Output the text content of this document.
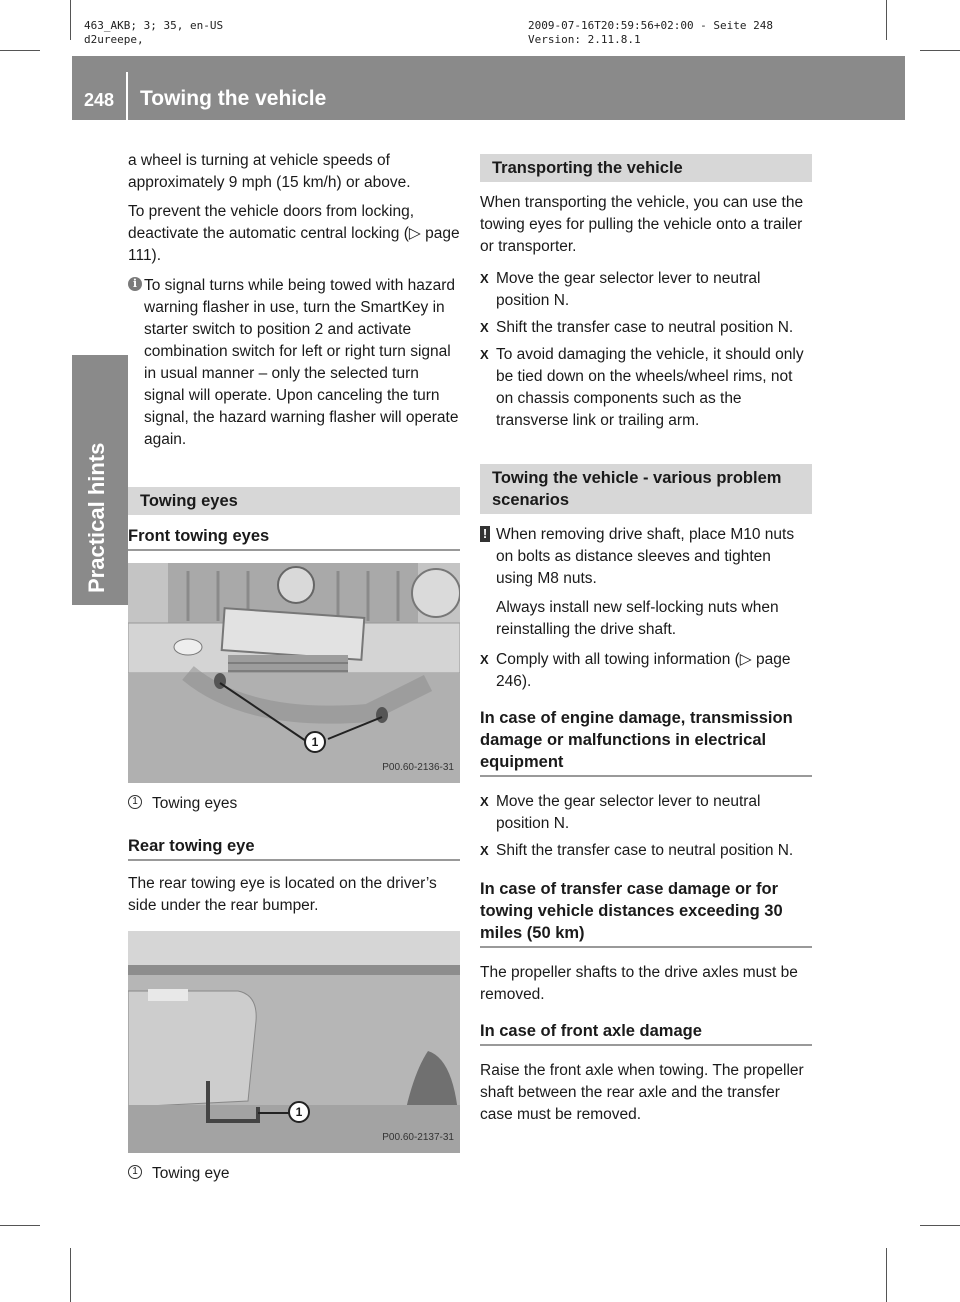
463_AKB; 3; 35, en-US
d2ureepe,
2009-07-16T20:59:56+02:00 - Seite 248
Version: 2.11.8.1
248 Towing the vehicle
Practical hints

a wheel is turning at vehicle speeds of approximately 9 mph (15 km/h) or above.

To prevent the vehicle doors from locking, deactivate the automatic central locking (▷ page 111).

i To signal turns while being towed with hazard warning flasher in use, turn the SmartKey in starter switch to position 2 and activate combination switch for left or right turn signal in usual manner – only the selected turn signal will operate. Upon canceling the turn signal, the hazard warning flasher will operate again.
Towing eyes
Front towing eyes
1
P00.60-2136-31
1 Towing eyes
Rear towing eye

The rear towing eye is located on the driver’s side under the rear bumper.

1
P00.60-2137-31
1 Towing eye
Transporting the vehicle

When transporting the vehicle, you can use the towing eyes for pulling the vehicle onto a trailer or transporter.

X Move the gear selector lever to neutral position N.
X Shift the transfer case to neutral position N.
X To avoid damaging the vehicle, it should only be tied down on the wheels/wheel rims, not on chassis components such as the transverse link or trailing arm.
Towing the vehicle - various problem scenarios
! When removing drive shaft, place M10 nuts on bolts as distance sleeves and tighten using M8 nuts.

Always install new self-locking nuts when reinstalling the drive shaft.

X Comply with all towing information (▷ page 246).
In case of engine damage, transmission damage or malfunctions in electrical equipment
X Move the gear selector lever to neutral position N.
X Shift the transfer case to neutral position N.
In case of transfer case damage or for towing vehicle distances exceeding 30 miles (50 km)

The propeller shafts to the drive axles must be removed.

In case of front axle damage

Raise the front axle when towing. The propeller shaft between the rear axle and the transfer case must be removed.
